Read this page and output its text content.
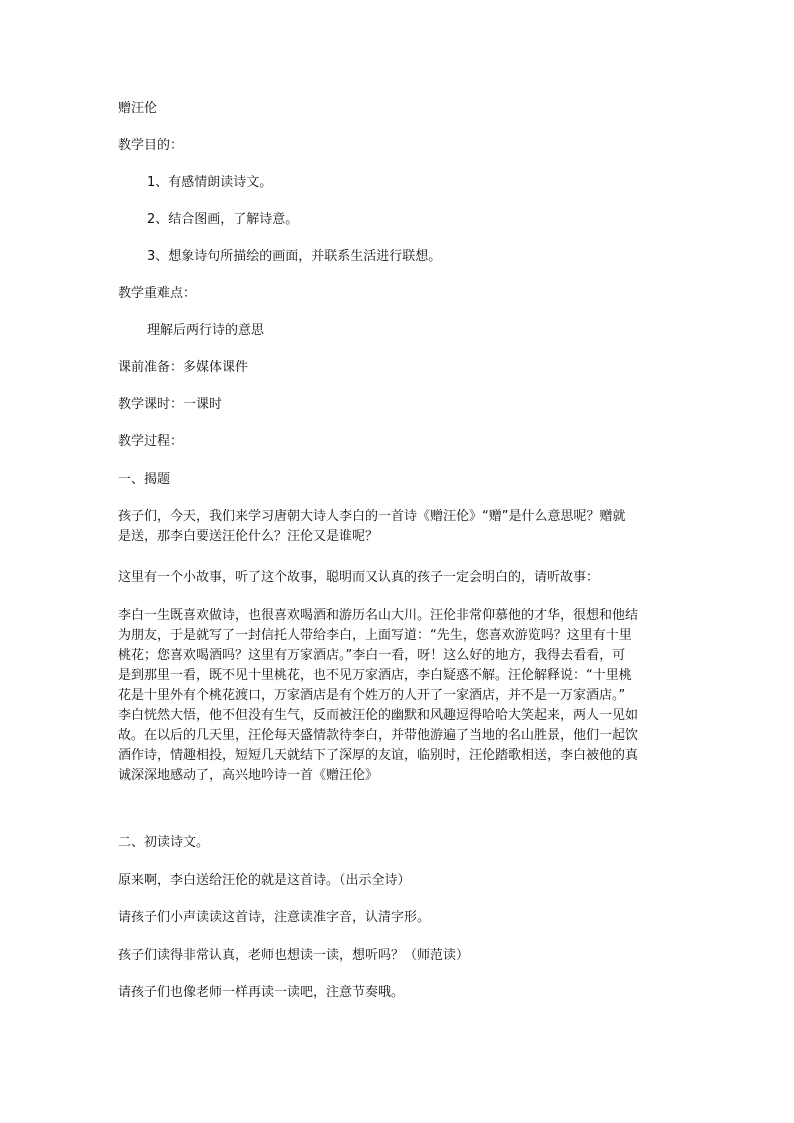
赠汪伦

教学目的：

1、有感情朗读诗文。

2、结合图画，了解诗意。

3、想象诗句所描绘的画面，并联系生活进行联想。

教学重难点：

理解后两行诗的意思

课前准备：多媒体课件

教学课时：一课时

教学过程：

一、揭题

孩子们，今天，我们来学习唐朝大诗人李白的一首诗《赠汪伦》“赠”是什么意思呢？赠就
是送，那李白要送汪伦什么？汪伦又是谁呢？

这里有一个小故事，听了这个故事，聪明而又认真的孩子一定会明白的，请听故事：

李白一生既喜欢做诗，也很喜欢喝酒和游历名山大川。汪伦非常仰慕他的才华，很想和他结
为朋友，于是就写了一封信托人带给李白，上面写道：“先生，您喜欢游览吗？这里有十里
桃花；您喜欢喝酒吗？这里有万家酒店。”李白一看，呀！这么好的地方，我得去看看，可
是到那里一看，既不见十里桃花，也不见万家酒店，李白疑惑不解。汪伦解释说：“十里桃
花是十里外有个桃花渡口，万家酒店是有个姓万的人开了一家酒店，并不是一万家酒店。”
李白恍然大悟，他不但没有生气，反而被汪伦的幽默和风趣逗得哈哈大笑起来，两人一见如
故。在以后的几天里，汪伦每天盛情款待李白，并带他游遍了当地的名山胜景，他们一起饮
酒作诗，情趣相投，短短几天就结下了深厚的友谊，临别时，汪伦踏歌相送，李白被他的真
诚深深地感动了，高兴地吟诗一首《赠汪伦》

二、初读诗文。

原来啊，李白送给汪伦的就是这首诗。（出示全诗）

请孩子们小声读读这首诗，注意读准字音，认清字形。

孩子们读得非常认真，老师也想读一读，想听吗？（师范读）

请孩子们也像老师一样再读一读吧，注意节奏哦。
